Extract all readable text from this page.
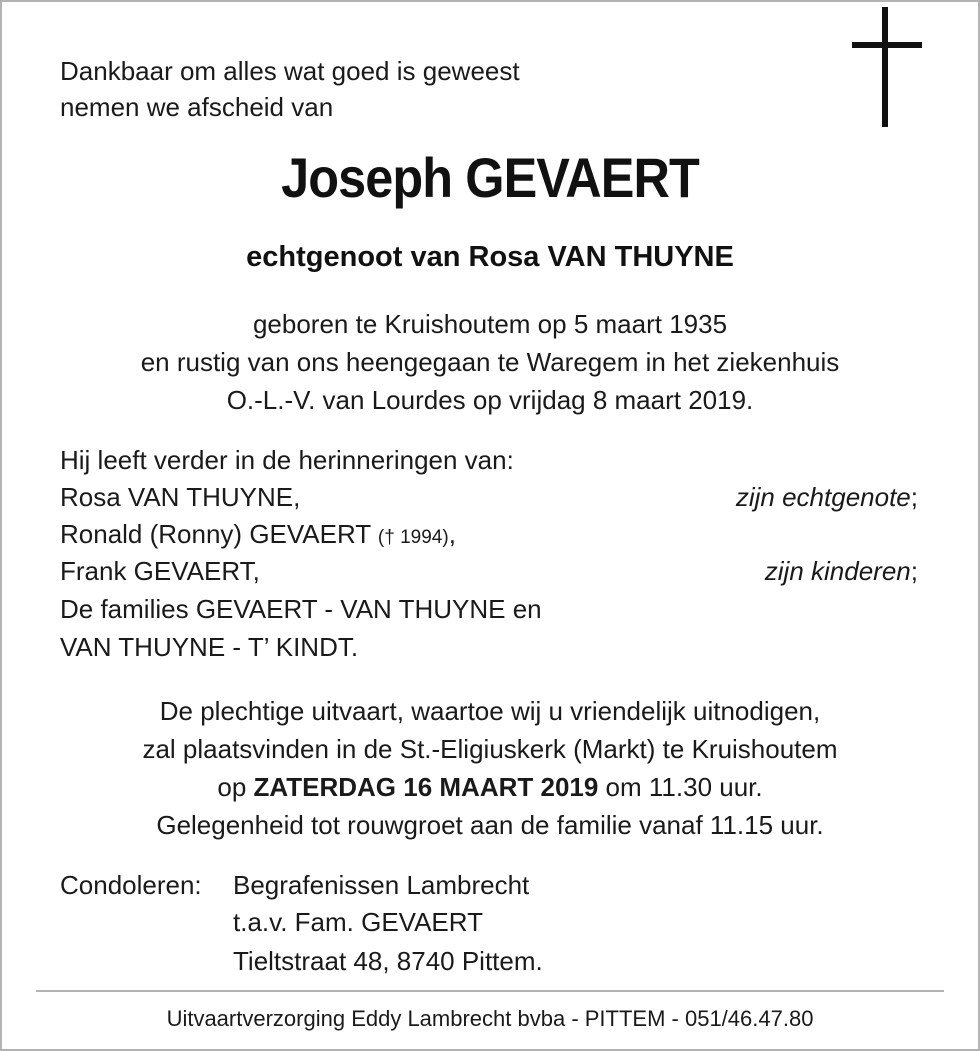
Dankbaar om alles wat goed is geweest
nemen we afscheid van
Joseph GEVAERT
echtgenoot van Rosa VAN THUYNE
geboren te Kruishoutem op 5 maart 1935
en rustig van ons heengegaan te Waregem in het ziekenhuis
O.-L.-V. van Lourdes op vrijdag 8 maart 2019.
Hij leeft verder in de herinneringen van:
Rosa VAN THUYNE,	zijn echtgenote;
Ronald (Ronny) GEVAERT († 1994),
Frank GEVAERT,	zijn kinderen;
De families GEVAERT - VAN THUYNE en
VAN THUYNE - T’ KINDT.
De plechtige uitvaart, waartoe wij u vriendelijk uitnodigen,
zal plaatsvinden in de St.-Eligiuskerk (Markt) te Kruishoutem
op ZATERDAG 16 MAART 2019 om 11.30 uur.
Gelegenheid tot rouwgroet aan de familie vanaf 11.15 uur.
Condoleren: Begrafenissen Lambrecht
t.a.v. Fam. GEVAERT
Tieltstraat 48, 8740 Pittem.
Uitvaartverzorging Eddy Lambrecht bvba - PITTEM - 051/46.47.80
